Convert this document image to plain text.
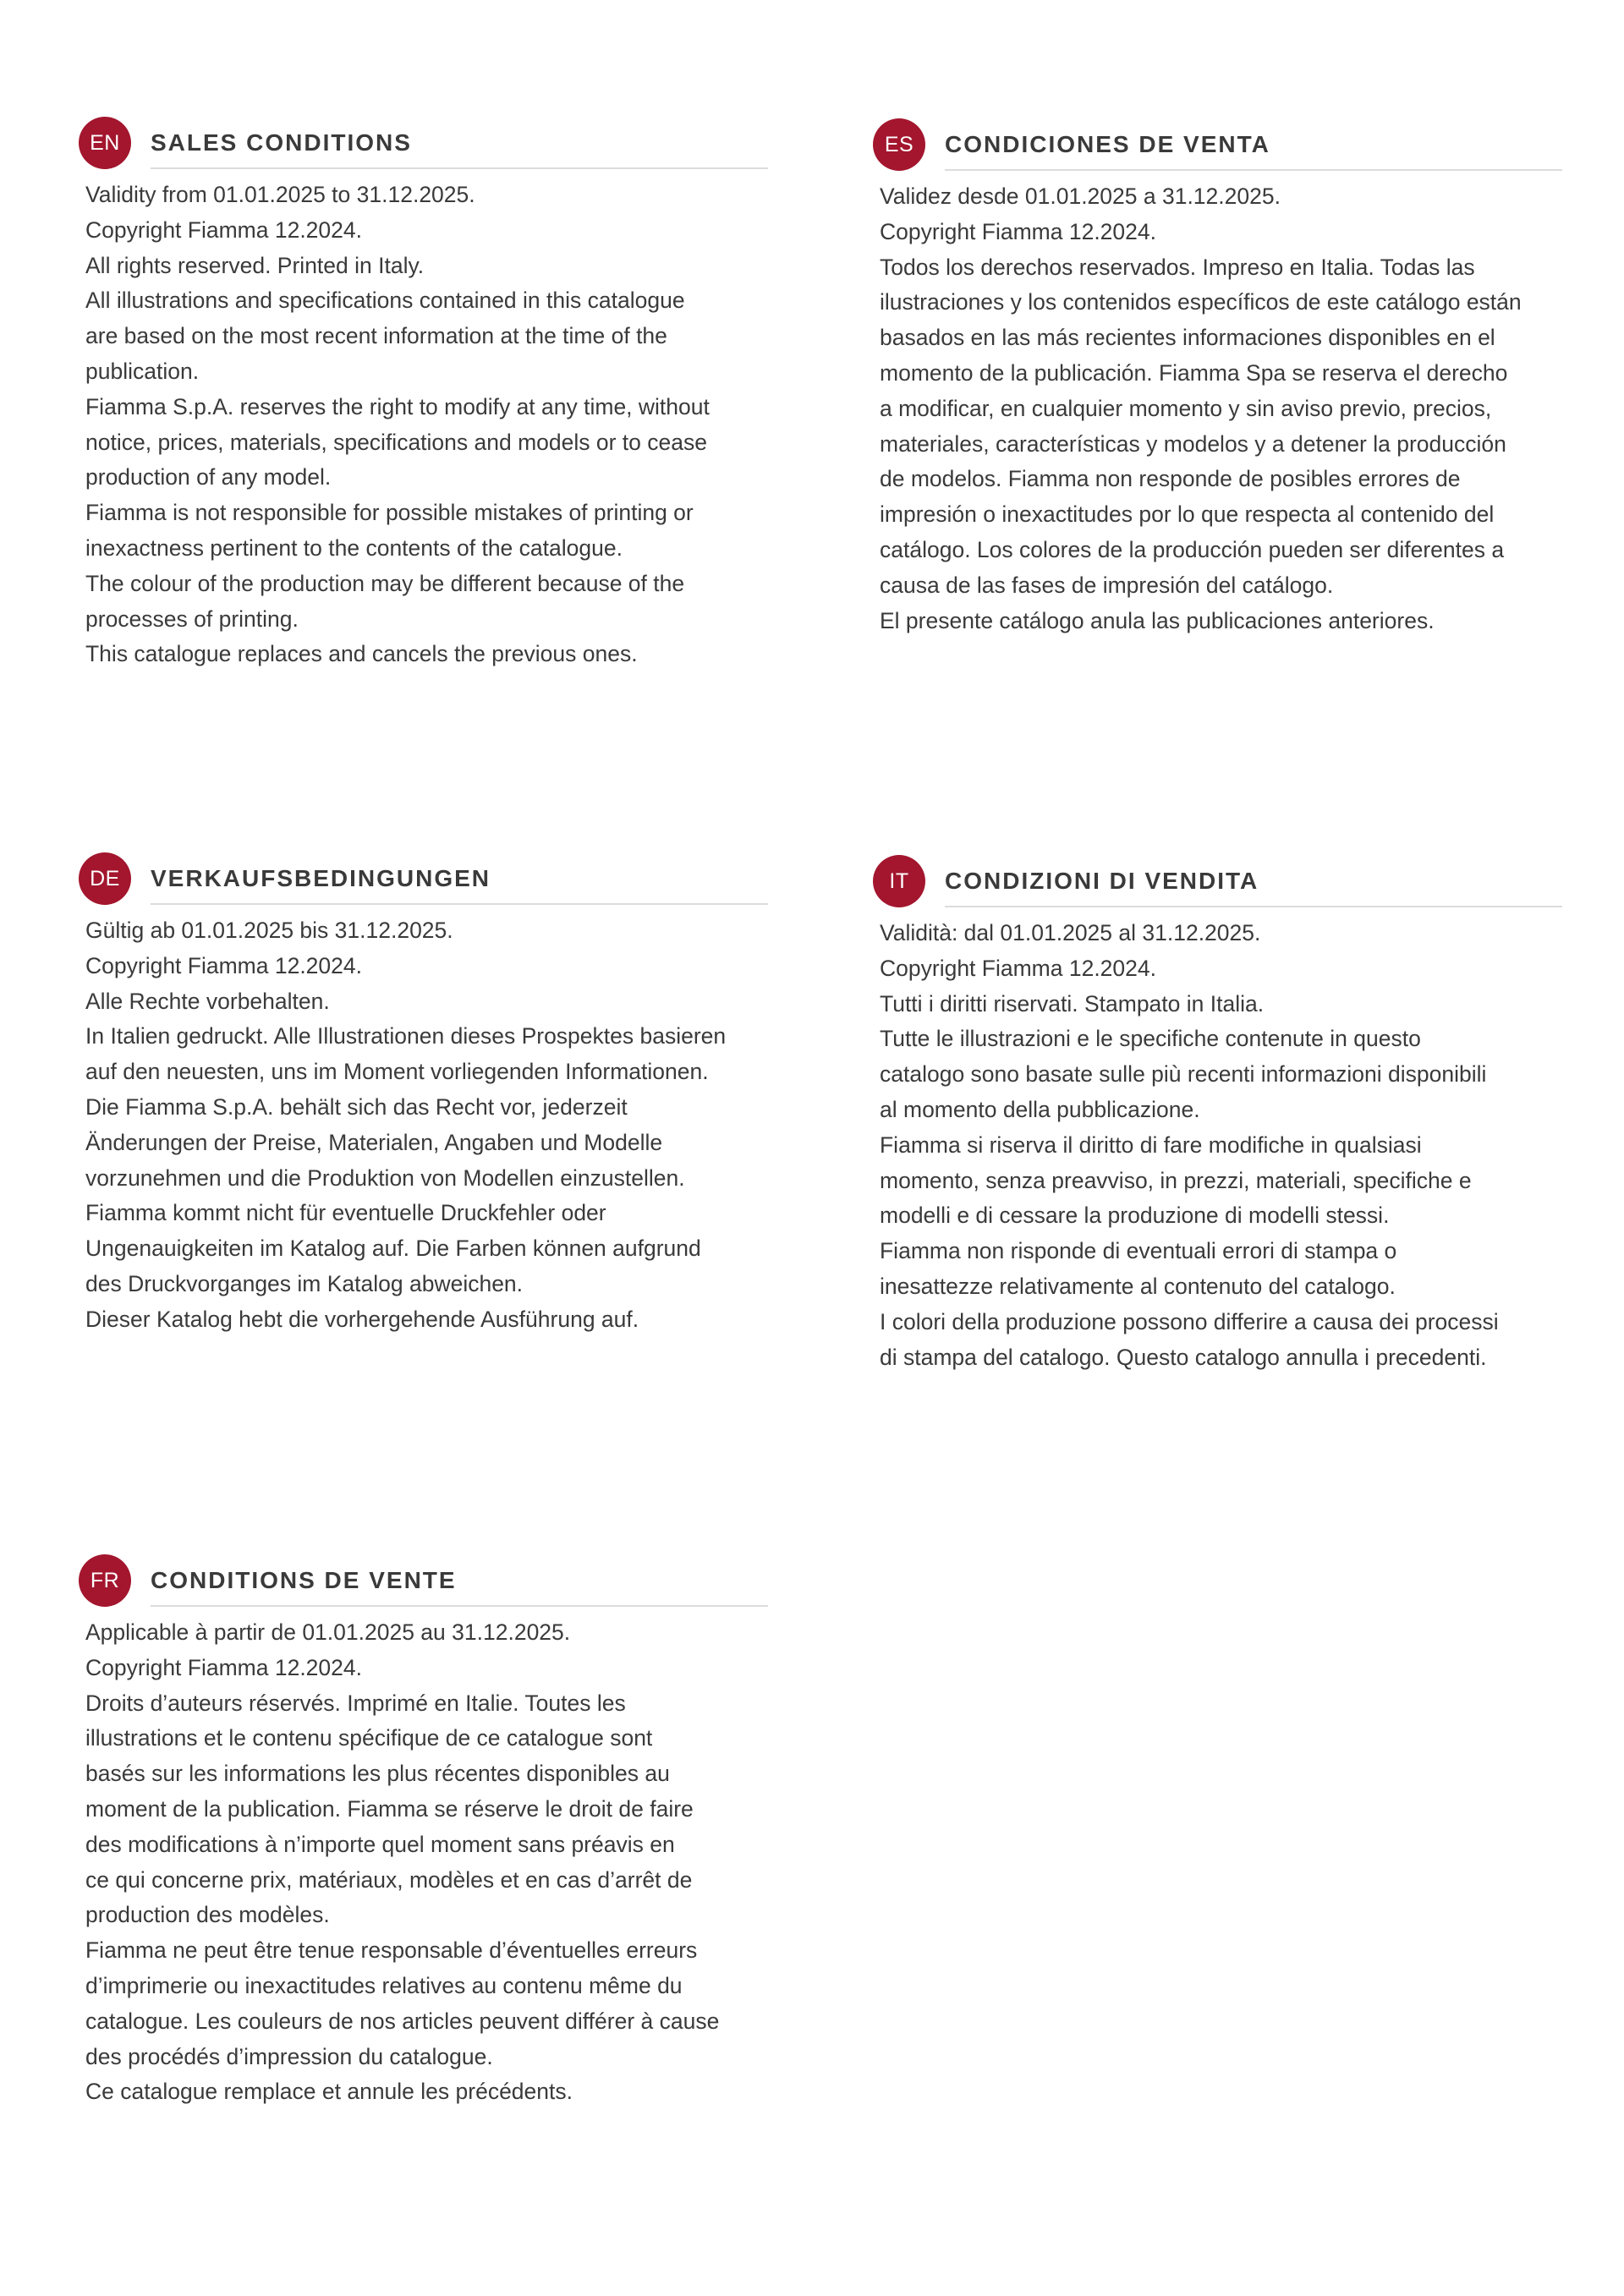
EN	SALES CONDITIONS
Validity from 01.01.2025 to 31.12.2025.
Copyright Fiamma 12.2024.
All rights reserved. Printed in Italy.
All illustrations and specifications contained in this catalogue
are based on the most recent information at the time of the
publication.
Fiamma S.p.A. reserves the right to modify at any time, without
notice, prices, materials, specifications and models or to cease
production of any model.
Fiamma is not responsible for possible mistakes of printing or
inexactness pertinent to the contents of the catalogue.
The colour of the production may be different because of the
processes of printing.
This catalogue replaces and cancels the previous ones.
ES	CONDICIONES DE VENTA
Validez desde 01.01.2025 a 31.12.2025.
Copyright Fiamma 12.2024.
Todos los derechos reservados. Impreso en Italia. Todas las
ilustraciones y los contenidos específicos de este catálogo están
basados en las más recientes informaciones disponibles en el
momento de la publicación. Fiamma Spa se reserva el derecho
a modificar, en cualquier momento y sin aviso previo, precios,
materiales, características y modelos y a detener la producción
de modelos. Fiamma non responde de posibles errores de
impresión o inexactitudes por lo que respecta al contenido del
catálogo. Los colores de la producción pueden ser diferentes a
causa de las fases de impresión del catálogo.
El presente catálogo anula las publicaciones anteriores.
DE	VERKAUFSBEDINGUNGEN
Gültig ab 01.01.2025 bis 31.12.2025.
Copyright Fiamma 12.2024.
Alle Rechte vorbehalten.
In Italien gedruckt. Alle Illustrationen dieses Prospektes basieren
auf den neuesten, uns im Moment vorliegenden Informationen.
Die Fiamma S.p.A. behält sich das Recht vor, jederzeit
Änderungen der Preise, Materialen, Angaben und Modelle
vorzunehmen und die Produktion von Modellen einzustellen.
Fiamma kommt nicht für eventuelle Druckfehler oder
Ungenauigkeiten im Katalog auf. Die Farben können aufgrund
des Druckvorganges im Katalog abweichen.
Dieser Katalog hebt die vorhergehende Ausführung auf.
IT	CONDIZIONI DI VENDITA
Validità: dal 01.01.2025 al 31.12.2025.
Copyright Fiamma 12.2024.
Tutti i diritti riservati. Stampato in Italia.
Tutte le illustrazioni e le specifiche contenute in questo
catalogo sono basate sulle più recenti informazioni disponibili
al momento della pubblicazione.
Fiamma si riserva il diritto di fare modifiche in qualsiasi
momento, senza preavviso, in prezzi, materiali, specifiche e
modelli e di cessare la produzione di modelli stessi.
Fiamma non risponde di eventuali errori di stampa o
inesattezze relativamente al contenuto del catalogo.
I colori della produzione possono differire a causa dei processi
di stampa del catalogo. Questo catalogo annulla i precedenti.
FR	CONDITIONS DE VENTE
Applicable à partir de 01.01.2025 au 31.12.2025.
Copyright Fiamma 12.2024.
Droits d’auteurs réservés. Imprimé en Italie. Toutes les
illustrations et le contenu spécifique de ce catalogue sont
basés sur les informations les plus récentes disponibles au
moment de la publication. Fiamma se réserve le droit de faire
des modifications à n’importe quel moment sans préavis en
ce qui concerne prix, matériaux, modèles et en cas d’arrêt de
production des modèles.
Fiamma ne peut être tenue responsable d’éventuelles erreurs
d’imprimerie ou inexactitudes relatives au contenu même du
catalogue. Les couleurs de nos articles peuvent différer à cause
des procédés d’impression du catalogue.
Ce catalogue remplace et annule les précédents.
